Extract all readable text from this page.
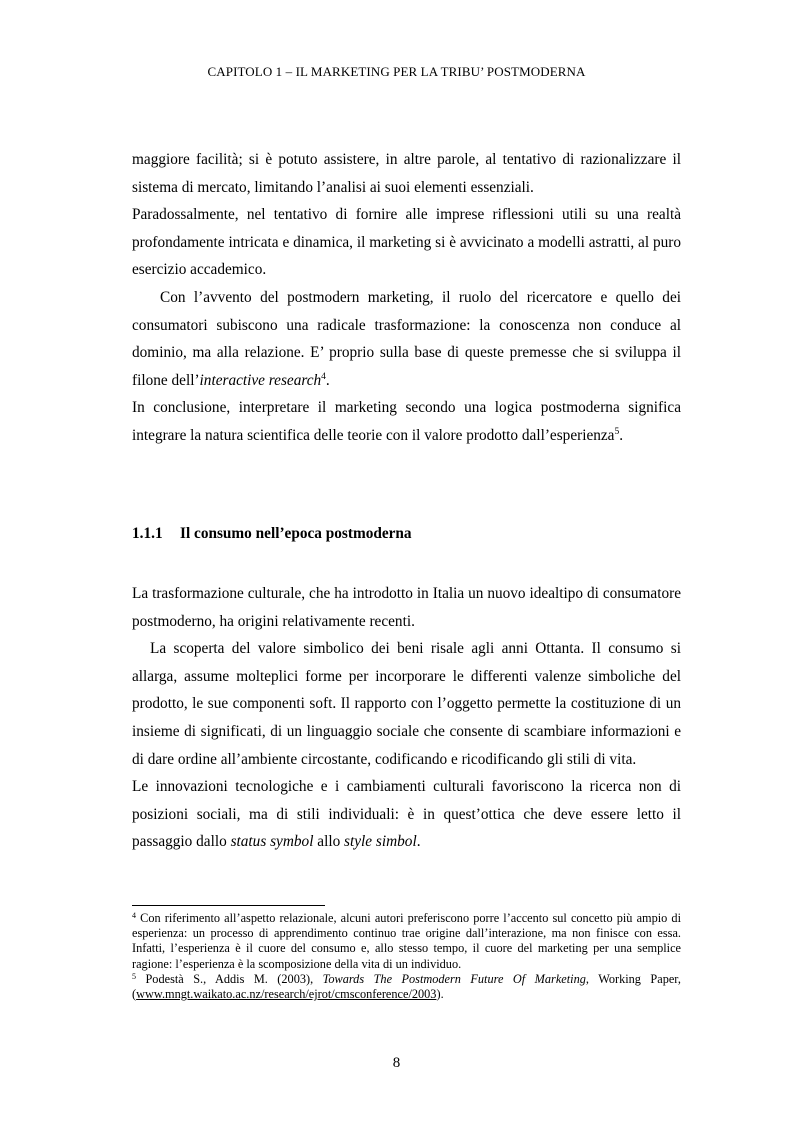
CAPITOLO 1 – IL MARKETING PER LA TRIBU’ POSTMODERNA

maggiore facilità; si è potuto assistere, in altre parole, al tentativo di razionalizzare il sistema di mercato, limitando l’analisi ai suoi elementi essenziali.

Paradossalmente, nel tentativo di fornire alle imprese riflessioni utili su una realtà profondamente intricata e dinamica, il marketing si è avvicinato a modelli astratti, al puro esercizio accademico.

Con l’avvento del postmodern marketing, il ruolo del ricercatore e quello dei consumatori subiscono una radicale trasformazione: la conoscenza non conduce al dominio, ma alla relazione. E’ proprio sulla base di queste premesse che si sviluppa il filone dell’interactive research$^4$.

In conclusione, interpretare il marketing secondo una logica postmoderna significa integrare la natura scientifica delle teorie con il valore prodotto dall’esperienza$^5$.

1.1.1 Il consumo nell’epoca postmoderna

La trasformazione culturale, che ha introdotto in Italia un nuovo idealtipo di consumatore postmoderno, ha origini relativamente recenti.

La scoperta del valore simbolico dei beni risale agli anni Ottanta. Il consumo si allarga, assume molteplici forme per incorporare le differenti valenze simboliche del prodotto, le sue componenti soft. Il rapporto con l’oggetto permette la costituzione di un insieme di significati, di un linguaggio sociale che consente di scambiare informazioni e di dare ordine all’ambiente circostante, codificando e ricodificando gli stili di vita.

Le innovazioni tecnologiche e i cambiamenti culturali favoriscono la ricerca non di posizioni sociali, ma di stili individuali: è in quest’ottica che deve essere letto il passaggio dallo status symbol allo style simbol.

$^4$ Con riferimento all’aspetto relazionale, alcuni autori preferiscono porre l’accento sul concetto più ampio di esperienza: un processo di apprendimento continuo trae origine dall’interazione, ma non finisce con essa. Infatti, l’esperienza è il cuore del consumo e, allo stesso tempo, il cuore del marketing per una semplice ragione: l’esperienza è la scomposizione della vita di un individuo.

$^5$ Podestà S., Addis M. (2003), Towards The Postmodern Future Of Marketing, Working Paper, (www.mngt.waikato.ac.nz/research/ejrot/cmsconference/2003).

8
